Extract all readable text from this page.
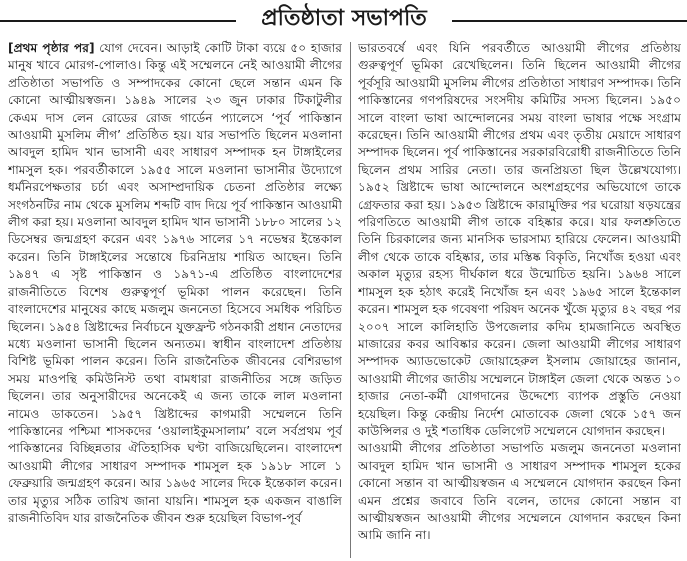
প্রতিষ্ঠাতা সভাপতি

[প্রথম পৃষ্ঠার পর] যোগ দেবেন। আড়াই কোটি টাকা ব্যয়ে ৫০ হাজার মানুষ খাবে মোরগ-পোলাও। কিন্তু এই সম্মেলনে নেই আওয়ামী লীগের প্রতিষ্ঠাতা সভাপতি ও সম্পাদকের কোনো ছেলে সন্তান এমন কি কোনো আত্মীয়স্বজন। ১৯৪৯ সালের ২৩ জুন ঢাকার টিকাটুলীর কেএম দাস লেন রোডের রোজ গার্ডেন প্যালেসে ‘পূর্ব পাকিস্তান আওয়ামী মুসলিম লীগ’ প্রতিষ্ঠিত হয়। যার সভাপতি ছিলেন মওলানা আবদুল হামিদ খান ভাসানী এবং সাধারণ সম্পাদক হন টাঙ্গাইলের শামসুল হক। পরবর্তীকালে ১৯৫৫ সালে মওলানা ভাসানীর উদ্যোগে ধর্মনিরপেক্ষতার চর্চা এবং অসাম্প্রদায়িক চেতনা প্রতিষ্ঠার লক্ষ্যে সংগঠনটির নাম থেকে মুসলিম শব্দটি বাদ দিয়ে পূর্ব পাকিস্তান আওয়ামী লীগ করা হয়। মওলানা আবদুল হামিদ খান ভাসানী ১৮৮০ সালের ১২ ডিসেম্বর জন্মগ্রহণ করেন এবং ১৯৭৬ সালের ১৭ নভেম্বর ইন্তেকাল করেন। তিনি টাঙ্গাইলের সন্তোষে চিরনিদ্রায় শায়িত আছেন। তিনি ১৯৪৭ এ সৃষ্ট পাকিস্তান ও ১৯৭১-এ প্রতিষ্ঠিত বাংলাদেশের রাজনীতিতে বিশেষ গুরুত্বপূর্ণ ভূমিকা পালন করেছেন। তিনি বাংলাদেশের মানুষের কাছে মজলুম জননেতা হিসেবে সমধিক পরিচিত ছিলেন। ১৯৫৪ খ্রিষ্টাব্দের নির্বাচনে যুক্তফ্রন্ট গঠনকারী প্রধান নেতাদের মধ্যে মওলানা ভাসানী ছিলেন অন্যতম। স্বাধীন বাংলাদেশ প্রতিষ্ঠায় বিশিষ্ট ভূমিকা পালন করেন। তিনি রাজনৈতিক জীবনের বেশিরভাগ সময় মাওপন্থি কমিউনিস্ট তথা বামধারা রাজনীতির সঙ্গে জড়িত ছিলেন। তার অনুসারীদের অনেকেই এ জন্য তাকে লাল মওলানা নামেও ডাকতেন। ১৯৫৭ খ্রিষ্টাব্দের কাগমারী সম্মেলনে তিনি পাকিস্তানের পশ্চিমা শাসকদের ‘ওয়ালাইকুমসালাম’ বলে সর্বপ্রথম পূর্ব পাকিস্তানের বিচ্ছিন্নতার ঐতিহাসিক ঘণ্টা বাজিয়েছিলেন। বাংলাদেশ আওয়ামী লীগের সাধারণ সম্পাদক শামসুল হক ১৯১৮ সালে ১ ফেব্রুয়ারি জন্মগ্রহণ করেন। আর ১৯৬৫ সালের দিকে ইন্তেকাল করেন। তার মৃত্যুর সঠিক তারিখ জানা যায়নি। শামসুল হক একজন বাঙালি রাজনীতিবিদ যার রাজনৈতিক জীবন শুরু হয়েছিল বিভাগ-পূর্ব

ভারতবর্ষে এবং যিনি পরবর্তীতে আওয়ামী লীগের প্রতিষ্ঠায় গুরুত্বপূর্ণ ভূমিকা রেখেছিলেন। তিনি ছিলেন আওয়ামী লীগের পূর্বসূরি আওয়ামী মুসলিম লীগের প্রতিষ্ঠাতা সাধারণ সম্পাদক। তিনি পাকিস্তানের গণপরিষদের সংসদীয় কমিটির সদস্য ছিলেন। ১৯৫০ সালে বাংলা ভাষা আন্দোলনের সময় বাংলা ভাষার পক্ষে সংগ্রাম করেছেন। তিনি আওয়ামী লীগের প্রথম এবং তৃতীয় মেয়াদে সাধারণ সম্পাদক ছিলেন। পূর্ব পাকিস্তানের সরকারবিরোধী রাজনীতিতে তিনি ছিলেন প্রথম সারির নেতা। তার জনপ্রিয়তা ছিল উল্লেখযোগ্য। ১৯৫২ খ্রিষ্টাব্দে ভাষা আন্দোলনে অংশগ্রহণের অভিযোগে তাকে গ্রেফতার করা হয়। ১৯৫৩ খ্রিষ্টাব্দে কারামুক্তির পর ঘরোয়া ষড়যন্ত্রের পরিণতিতে আওয়ামী লীগ তাকে বহিষ্কার করে। যার ফলশ্রুতিতে তিনি চিরকালের জন্য মানসিক ভারসাম্য হারিয়ে ফেলেন। আওয়ামী লীগ থেকে তাকে বহিষ্কার, তার মস্তিষ্ক বিকৃতি, নিখোঁজ হওয়া এবং অকাল মৃত্যুর রহস্য দীর্ঘকাল ধরে উন্মোচিত হয়নি। ১৯৬৪ সালে শামসুল হক হঠাৎ করেই নিখোঁজ হন এবং ১৯৬৫ সালে ইন্তেকাল করেন। শামসুল হক গবেষণা পরিষদ অনেক খুঁজে মৃত্যুর ৪২ বছর পর ২০০৭ সালে কালিহাতি উপজেলার কদিম হামজানিতে অবস্থিত মাজারের কবর আবিষ্কার করেন। জেলা আওয়ামী লীগের সাধারণ সম্পাদক অ্যাডভোকেট জোয়াহেরুল ইসলাম জোয়াহের জানান, আওয়ামী লীগের জাতীয় সম্মেলনে টাঙ্গাইল জেলা থেকে অন্তত ১০ হাজার নেতা-কর্মী যোগদানের উদ্দেশ্যে ব্যাপক প্রস্তুতি নেওয়া হয়েছিল। কিন্তু কেন্দ্রীয় নির্দেশ মোতাবেক জেলা থেকে ১৫৭ জন কাউন্সিলর ও দুই শতাধিক ডেলিগেট সম্মেলনে যোগদান করছেন।

আওয়ামী লীগের প্রতিষ্ঠাতা সভাপতি মজলুম জননেতা মওলানা আবদুল হামিদ খান ভাসানী ও সাধারণ সম্পাদক শামসুল হকের কোনো সন্তান বা আত্মীয়স্বজন এ সম্মেলনে যোগদান করছেন কিনা এমন প্রশ্নের জবাবে তিনি বলেন, তাদের কোনো সন্তান বা আত্মীয়স্বজন আওয়ামী লীগের সম্মেলনে যোগদান করছেন কিনা আমি জানি না।
